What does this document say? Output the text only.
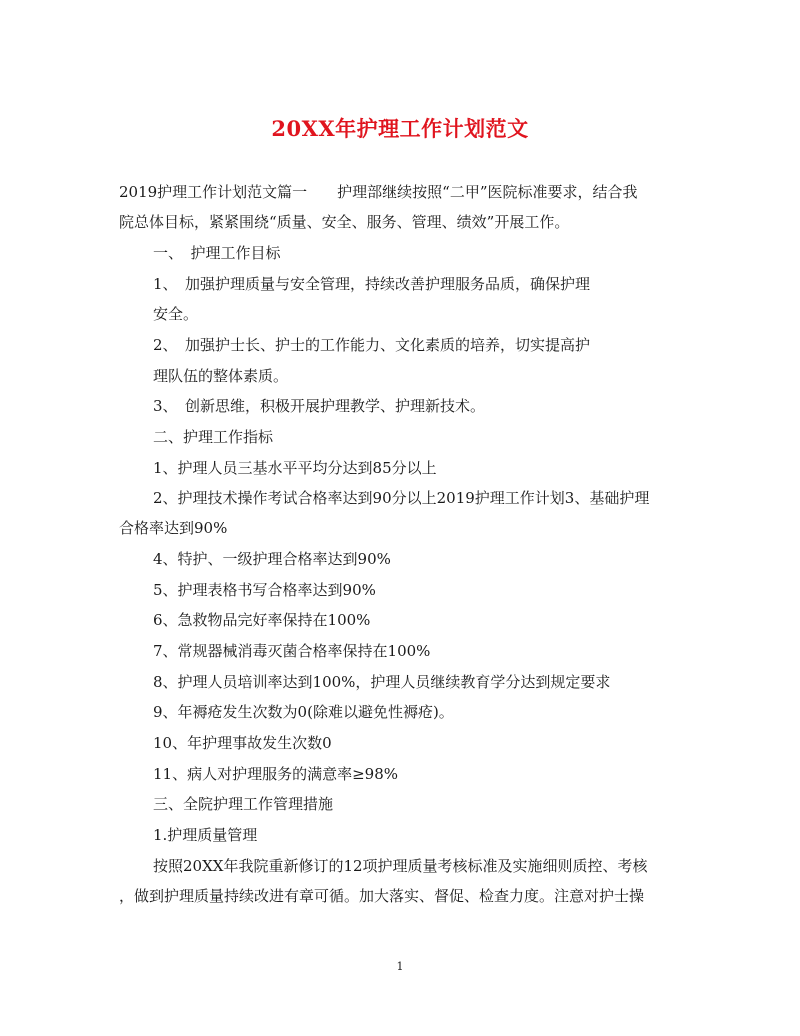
20XX年护理工作计划范文
2019护理工作计划范文篇一　　护理部继续按照“二甲”医院标准要求，结合我
院总体目标，紧紧围绕“质量、安全、服务、管理、绩效”开展工作。
一、　护理工作目标
1、　加强护理质量与安全管理，持续改善护理服务品质，确保护理
安全。
2、　加强护士长、护士的工作能力、文化素质的培养，切实提高护
理队伍的整体素质。
3、　创新思维，积极开展护理教学、护理新技术。
二、护理工作指标
1、护理人员三基水平平均分达到85分以上
2、护理技术操作考试合格率达到90分以上2019护理工作计划3、基础护理
合格率达到90%
4、特护、一级护理合格率达到90%
5、护理表格书写合格率达到90%
6、急救物品完好率保持在100%
7、常规器械消毒灭菌合格率保持在100%
8、护理人员培训率达到100%，护理人员继续教育学分达到规定要求
9、年褥疮发生次数为0(除难以避免性褥疮)。
10、年护理事故发生次数0
11、病人对护理服务的满意率≥98%
三、全院护理工作管理措施
1.护理质量管理
按照20XX年我院重新修订的12项护理质量考核标准及实施细则质控、考核
，做到护理质量持续改进有章可循。加大落实、督促、检查力度。注意对护士操
1
